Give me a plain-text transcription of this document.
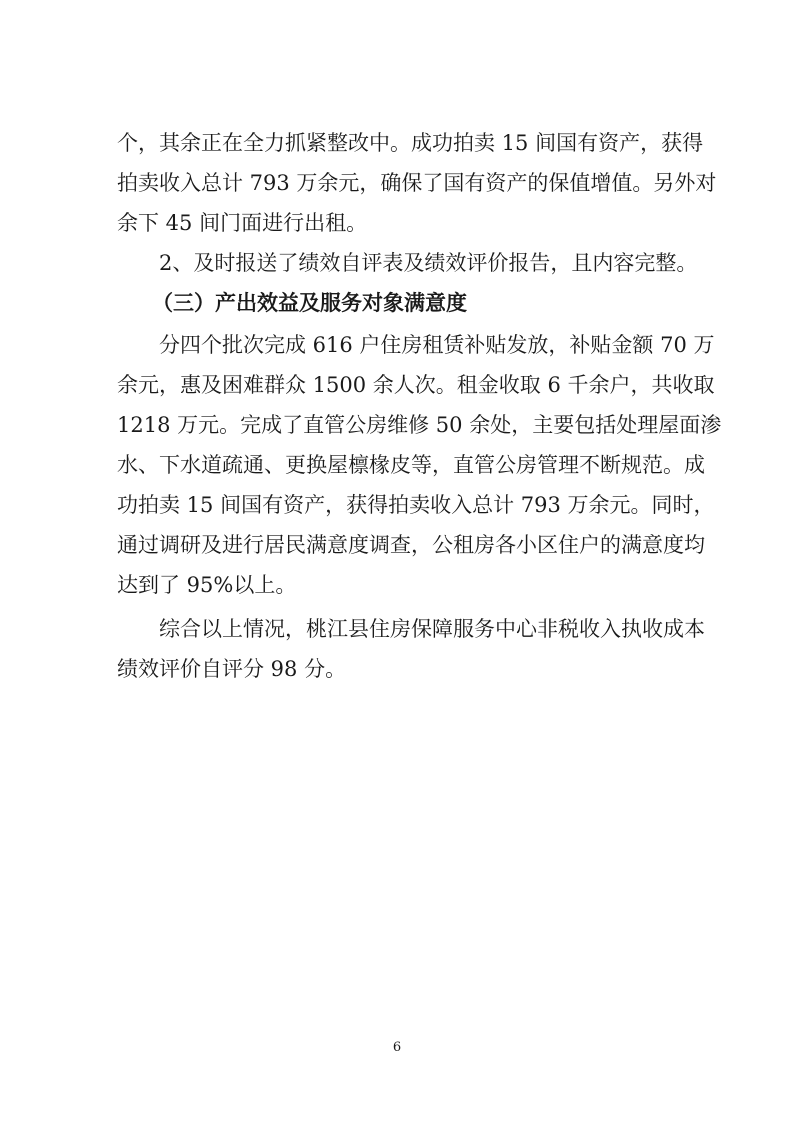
个，其余正在全力抓紧整改中。成功拍卖 15 间国有资产，获得

拍卖收入总计 793 万余元，确保了国有资产的保值增值。另外对

余下 45 间门面进行出租。

2、及时报送了绩效自评表及绩效评价报告，且内容完整。

（三）产出效益及服务对象满意度

分四个批次完成 616 户住房租赁补贴发放，补贴金额 70 万

余元，惠及困难群众 1500 余人次。租金收取 6 千余户，共收取

1218 万元。完成了直管公房维修 50 余处，主要包括处理屋面渗

水、下水道疏通、更换屋檩椽皮等，直管公房管理不断规范。成

功拍卖 15 间国有资产，获得拍卖收入总计 793 万余元。同时，

通过调研及进行居民满意度调查，公租房各小区住户的满意度均

达到了 95%以上。

综合以上情况，桃江县住房保障服务中心非税收入执收成本

绩效评价自评分 98 分。

6
